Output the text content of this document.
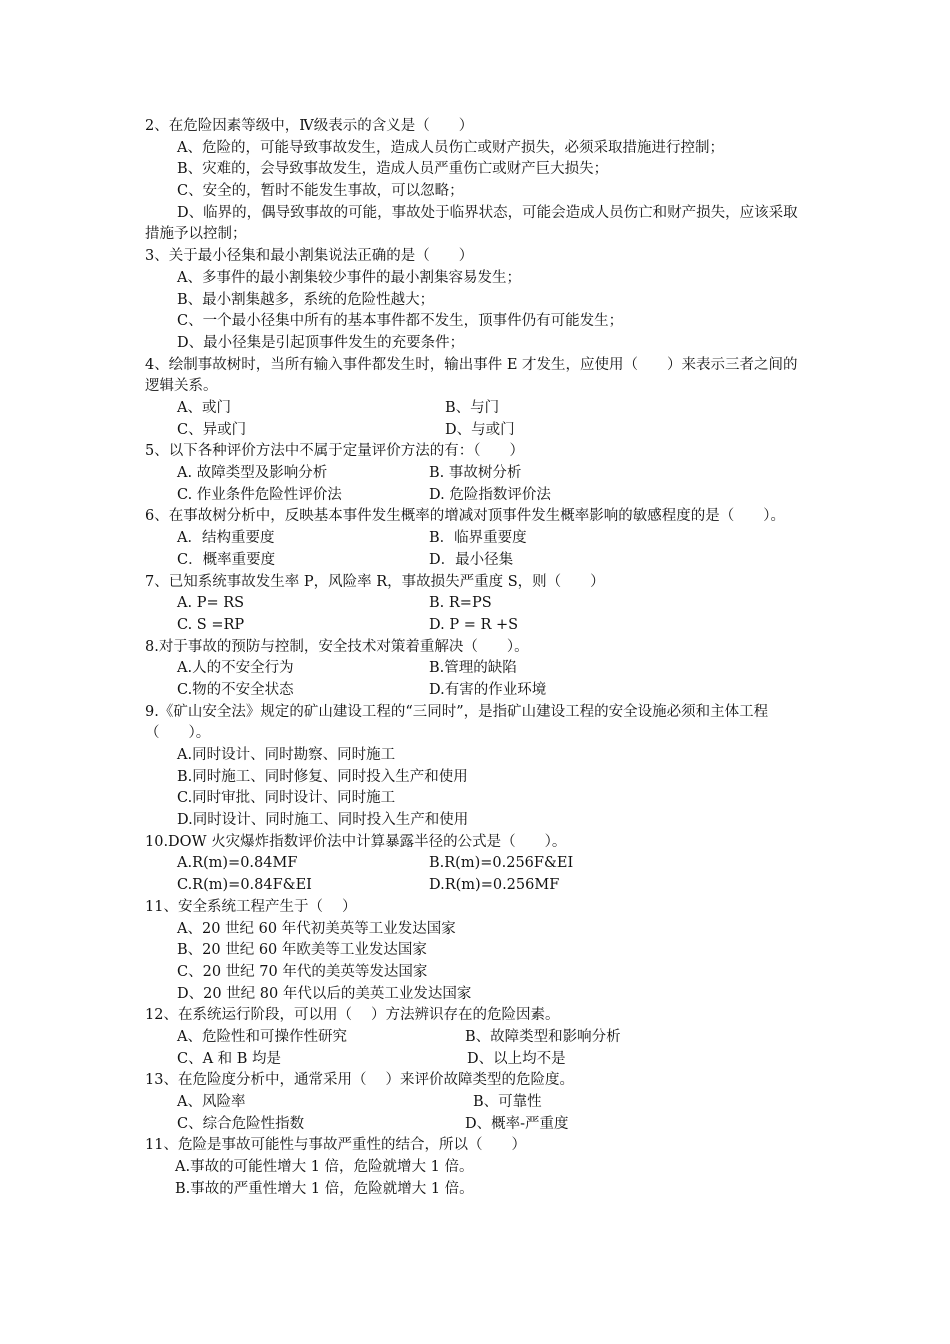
2、在危险因素等级中，Ⅳ级表示的含义是（　　）
A、危险的，可能导致事故发生，造成人员伤亡或财产损失，必须采取措施进行控制；
B、灾难的，会导致事故发生，造成人员严重伤亡或财产巨大损失；
C、安全的，暂时不能发生事故，可以忽略；
D、临界的，偶导致事故的可能，事故处于临界状态，可能会造成人员伤亡和财产损失，应该采取措施予以控制；
3、关于最小径集和最小割集说法正确的是（　　）
A、多事件的最小割集较少事件的最小割集容易发生；
B、最小割集越多，系统的危险性越大；
C、一个最小径集中所有的基本事件都不发生，顶事件仍有可能发生；
D、最小径集是引起顶事件发生的充要条件；
4、绘制事故树时，当所有输入事件都发生时，输出事件 E 才发生，应使用（　　）来表示三者之间的逻辑关系。
A、或门	B、与门
C、异或门	D、与或门
5、以下各种评价方法中不属于定量评价方法的有：（　　）
A. 故障类型及影响分析	B. 事故树分析
C. 作业条件危险性评价法	D. 危险指数评价法
6、在事故树分析中，反映基本事件发生概率的增减对顶事件发生概率影响的敏感程度的是（　　）。
A．结构重要度	B．临界重要度
C．概率重要度	D．最小径集
7、已知系统事故发生率 P，风险率 R，事故损失严重度 S，则（　　）
A. P= RS	B. R=PS
C. S =RP	D. P = R +S
8.对于事故的预防与控制，安全技术对策着重解决（　　）。
A.人的不安全行为	B.管理的缺陷
C.物的不安全状态	D.有害的作业环境
9.《矿山安全法》规定的矿山建设工程的“三同时”，是指矿山建设工程的安全设施必须和主体工程（　　）。
A.同时设计、同时勘察、同时施工
B.同时施工、同时修复、同时投入生产和使用
C.同时审批、同时设计、同时施工
D.同时设计、同时施工、同时投入生产和使用
10.DOW 火灾爆炸指数评价法中计算暴露半径的公式是（　　）。
A.R(m)=0.84MF	B.R(m)=0.256F&EI
C.R(m)=0.84F&EI	D.R(m)=0.256MF
11、安全系统工程产生于（　 ）
A、20 世纪 60 年代初美英等工业发达国家
B、20 世纪 60 年欧美等工业发达国家
C、20 世纪 70 年代的美英等发达国家
D、20 世纪 80 年代以后的美英工业发达国家
12、在系统运行阶段，可以用（　 ）方法辨识存在的危险因素。
A、危险性和可操作性研究	B、故障类型和影响分析
C、A 和 B 均是	D、以上均不是
13、在危险度分析中，通常采用（　 ）来评价故障类型的危险度。
A、风险率	B、可靠性
C、综合危险性指数	D、概率-严重度
11、危险是事故可能性与事故严重性的结合，所以（　　）
A.事故的可能性增大 1 倍，危险就增大 1 倍。
B.事故的严重性增大 1 倍，危险就增大 1 倍。
